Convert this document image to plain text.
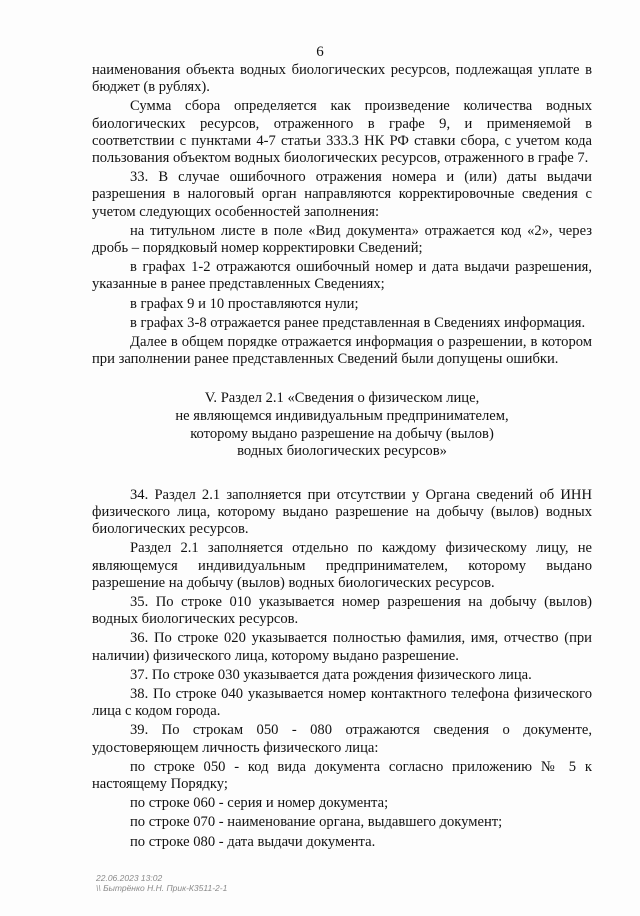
6

наименования объекта водных биологических ресурсов, подлежащая уплате в бюджет (в рублях).

Сумма сбора определяется как произведение количества водных биологических ресурсов, отраженного в графе 9, и применяемой в соответствии с пунктами 4-7 статьи 333.3 НК РФ ставки сбора, с учетом кода пользования объектом водных биологических ресурсов, отраженного в графе 7.

33. В случае ошибочного отражения номера и (или) даты выдачи разрешения в налоговый орган направляются корректировочные сведения с учетом следующих особенностей заполнения:

на титульном листе в поле «Вид документа» отражается код «2», через дробь – порядковый номер корректировки Сведений;

в графах 1-2 отражаются ошибочный номер и дата выдачи разрешения, указанные в ранее представленных Сведениях;

в графах 9 и 10 проставляются нули;

в графах 3-8 отражается ранее представленная в Сведениях информация.

Далее в общем порядке отражается информация о разрешении, в котором при заполнении ранее представленных Сведений были допущены ошибки.

V. Раздел 2.1 «Сведения о физическом лице,
не являющемся индивидуальным предпринимателем,
которому выдано разрешение на добычу (вылов)
водных биологических ресурсов»

34. Раздел 2.1 заполняется при отсутствии у Органа сведений об ИНН физического лица, которому выдано разрешение на добычу (вылов) водных биологических ресурсов.

Раздел 2.1 заполняется отдельно по каждому физическому лицу, не являющемуся индивидуальным предпринимателем, которому выдано разрешение на добычу (вылов) водных биологических ресурсов.

35. По строке 010 указывается номер разрешения на добычу (вылов) водных биологических ресурсов.

36. По строке 020 указывается полностью фамилия, имя, отчество (при наличии) физического лица, которому выдано разрешение.

37. По строке 030 указывается дата рождения физического лица.

38. По строке 040 указывается номер контактного телефона физического лица с кодом города.

39. По строкам 050 - 080 отражаются сведения о документе, удостоверяющем личность физического лица:

по строке 050 - код вида документа согласно приложению № 5 к настоящему Порядку;

по строке 060 - серия и номер документа;

по строке 070 - наименование органа, выдавшего документ;

по строке 080 - дата выдачи документа.

22.06.2023 13:02
\\ Бытрёнко Н.Н. Прик-К3511-2-1
